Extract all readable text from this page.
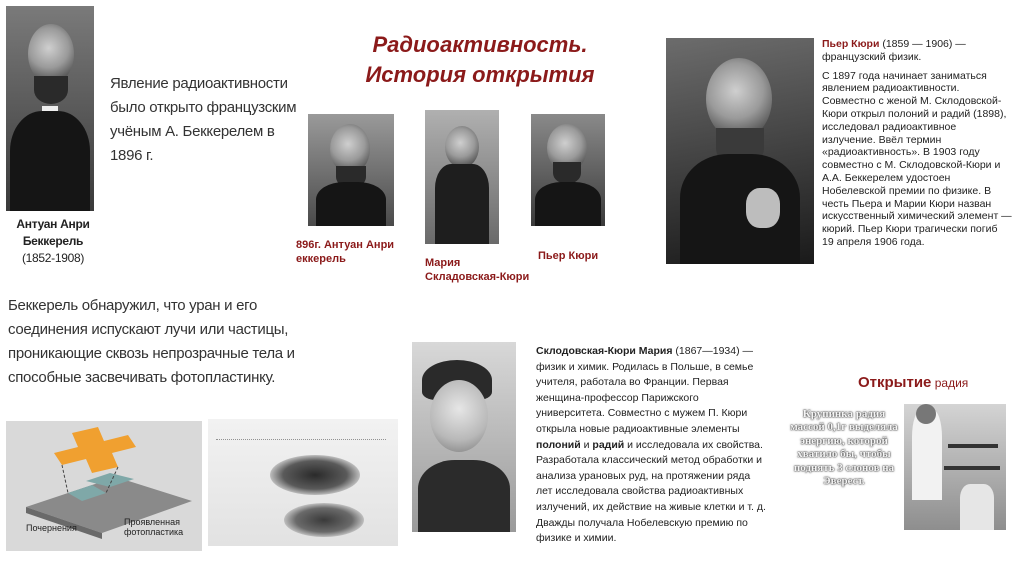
Антуан Анри
Беккерель
(1852-1908)
Явление радиоактивности было открыто французским учёным А. Беккерелем в 1896 г.
Беккерель обнаружил, что уран и его соединения испускают лучи или частицы, проникающие сквозь непрозрачные тела и способные засвечивать фотопластинку.
Радиоактивность.
История открытия
896г. Антуан Анри
еккерель	Мария
Складовская-Кюри
Пьер Кюри
Пьер Кюри (1859 — 1906) —
французский физик.
С 1897 года начинает заниматься явлением радиоактивности. Совместно с женой М. Склодовской-Кюри открыл полоний и радий (1898), исследовал радиоактивное излучение. Ввёл термин «радиоактивность». В 1903 году совместно с М. Склодовской-Кюри и А.А. Беккерелем удостоен Нобелевской премии по физике. В честь Пьера и Марии Кюри назван искусственный химический элемент — кюрий. Пьер Кюри трагически погиб 19 апреля 1906 года.
Склодовская-Кюри Мария (1867—1934) — физик и химик. Родилась в Польше, в семье учителя, работала во Франции. Первая женщина-профессор Парижского университета. Совместно с мужем П. Кюри открыла новые радиоактивные элементы полоний и радий и исследовала их свойства. Разработала классический метод обработки и анализа урановых руд, на протяжении ряда лет исследовала свойства радиоактивных излучений, их действие на живые клетки и т. д. Дважды получала Нобелевскую премию по физике и химии.
Почернения
Проявленная фотопластика
Открытие радия
Крупинка радия массой 0,1г выделяла энергию, которой хватило бы, чтобы поднять 3 слонов на Эверест.
